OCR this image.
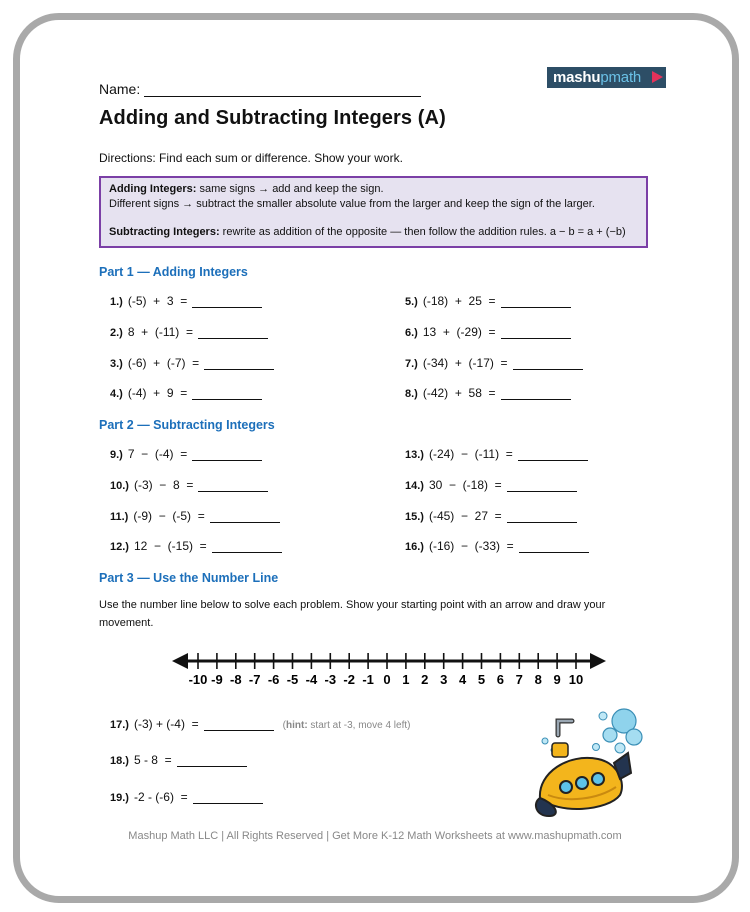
Name:
mashupmath
Adding and Subtracting Integers (A)
Directions: Find each sum or difference. Show your work.
Adding Integers: same signs → add and keep the sign.
Different signs → subtract the smaller absolute value from the larger and keep the sign of the larger.
Subtracting Integers: rewrite as addition of the opposite — then follow the addition rules. a − b = a + (−b)
Part 1 — Adding Integers
1.) (-5)  +  3  =
2.) 8  +  (-11)  =
3.) (-6)  +  (-7)  =
4.) (-4)  +  9  =
5.) (-18)  +  25  =
6.) 13  +  (-29)  =
7.) (-34)  +  (-17)  =
8.) (-42)  +  58  =
Part 2 — Subtracting Integers
9.) 7  −  (-4)  =
10.) (-3)  −  8  =
11.) (-9)  −  (-5)  =
12.) 12  −  (-15)  =
13.) (-24)  −  (-11)  =
14.) 30  −  (-18)  =
15.) (-45)  −  27  =
16.) (-16)  −  (-33)  =
Part 3 — Use the Number Line
Use the number line below to solve each problem. Show your starting point with an arrow and draw your movement.
-10 -9 -8 -7 -6 -5 -4 -3 -2 -1 0 1 2 3 4 5 6 7 8 9 10
17.) (-3) + (-4)  =	(hint: start at -3, move 4 left)
18.) 5 - 8  =
19.) -2 - (-6)  =
Mashup Math LLC | All Rights Reserved | Get More K-12 Math Worksheets at www.mashupmath.com
